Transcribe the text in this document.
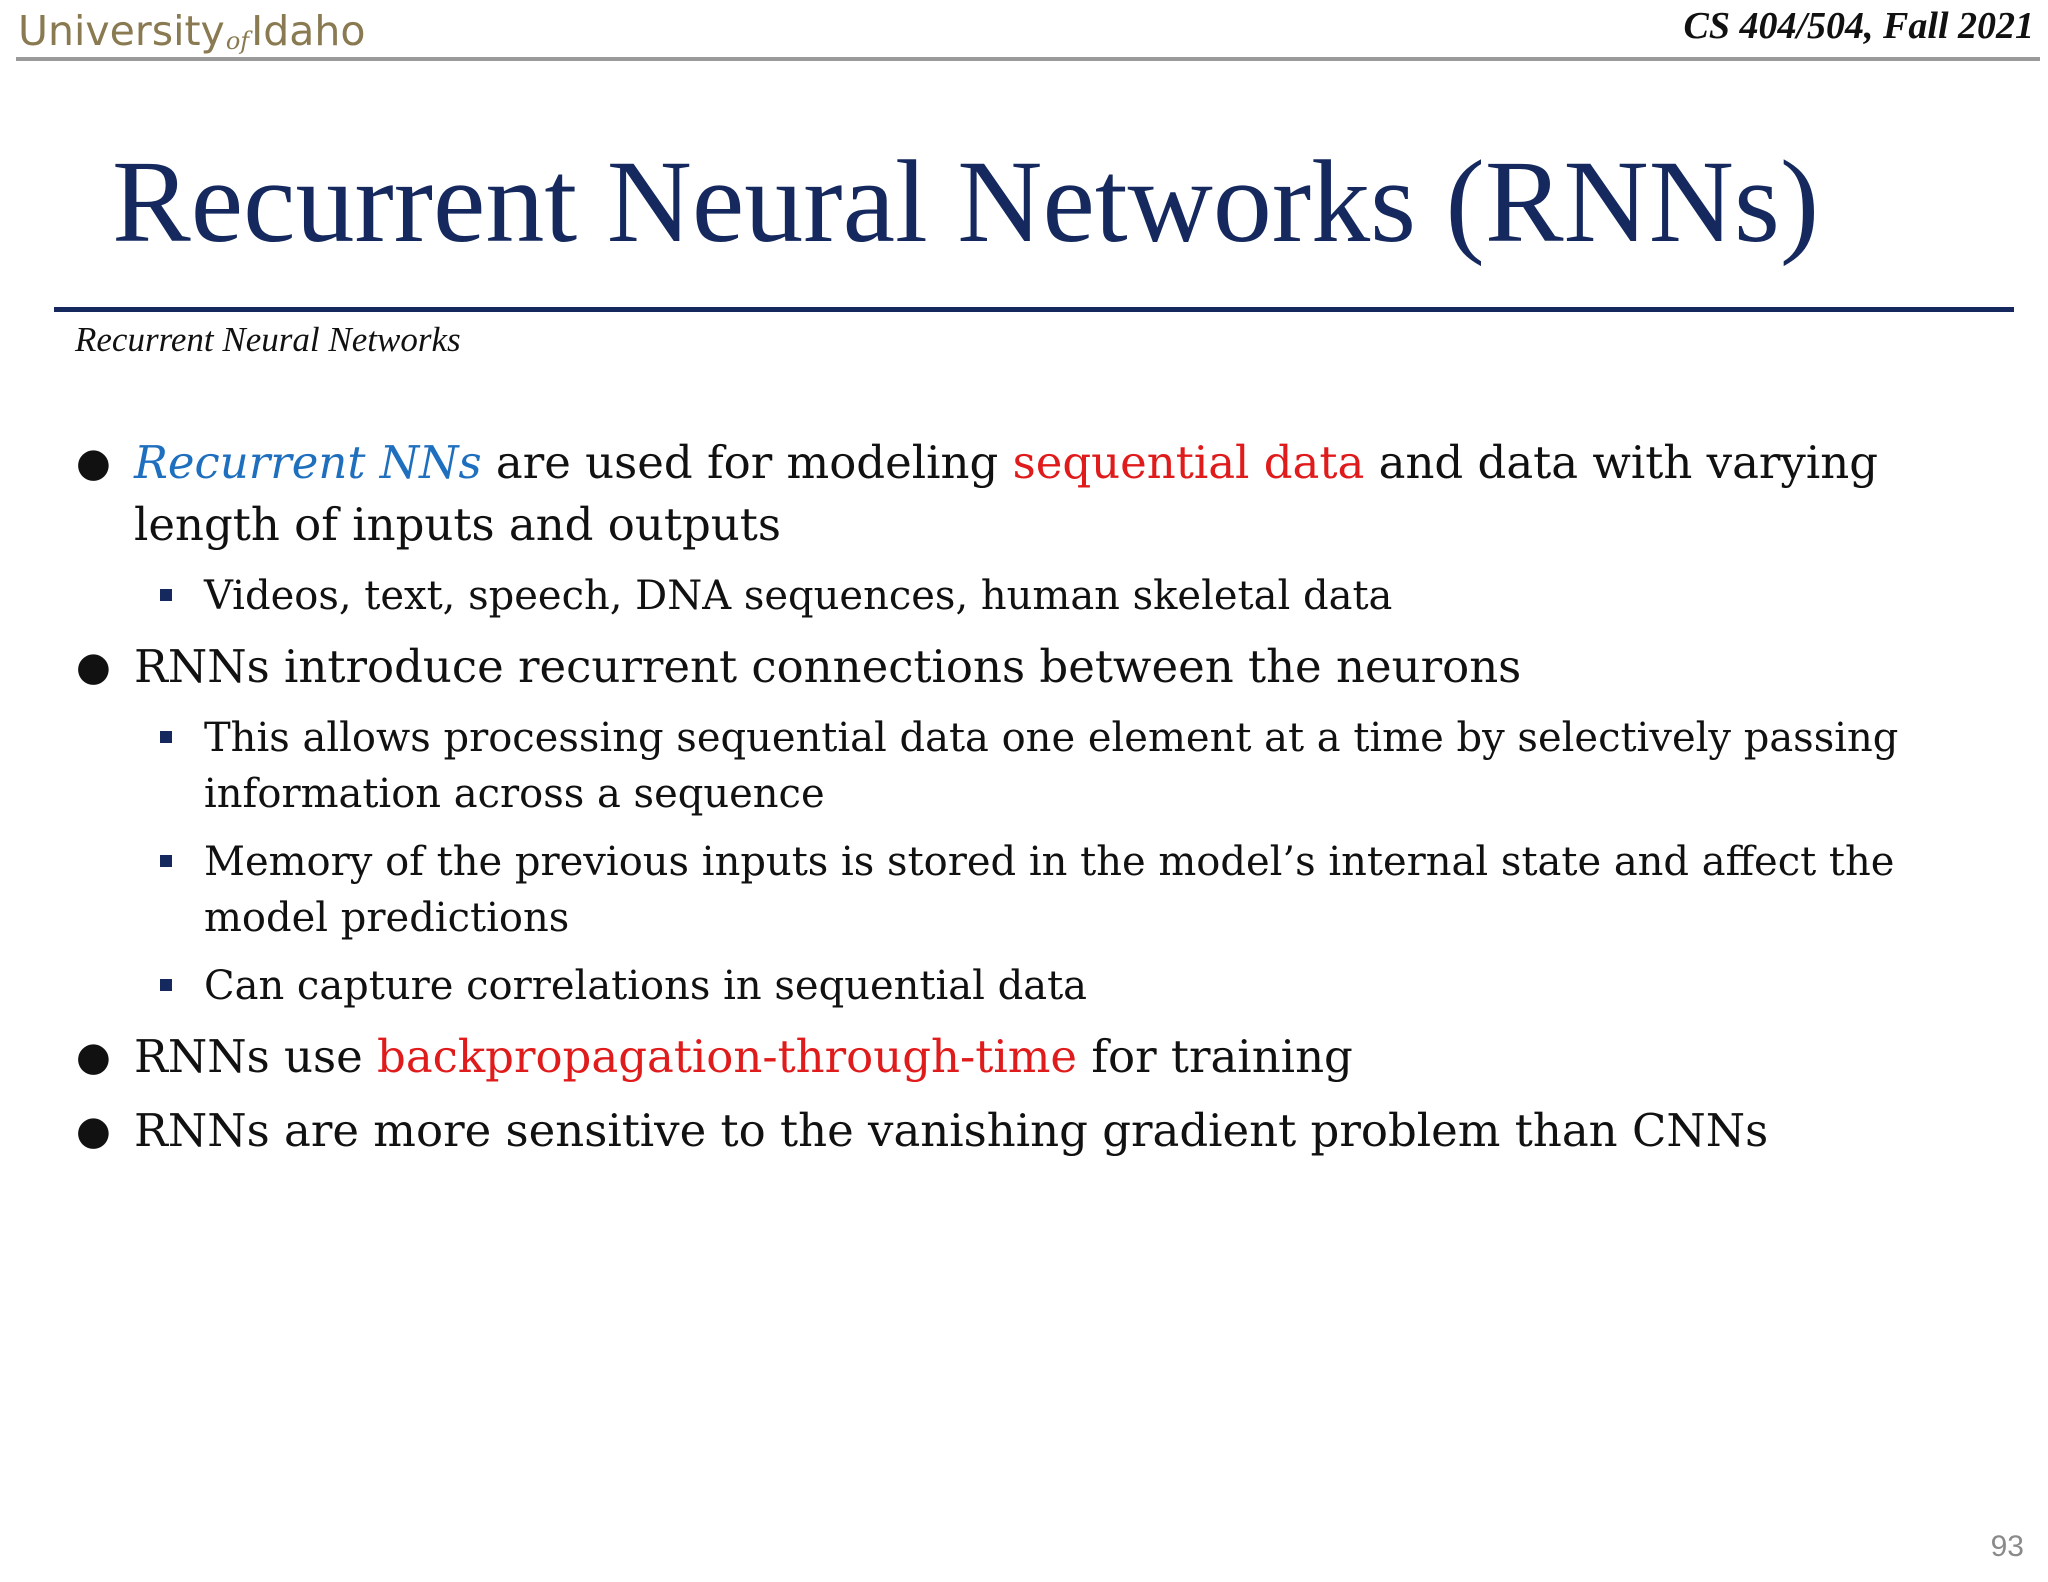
UniversityofIdaho	CS 404/504, Fall 2021
Recurrent Neural Networks (RNNs)
Recurrent Neural Networks
● Recurrent NNs are used for modeling sequential data and data with varying length of inputs and outputs
Videos, text, speech, DNA sequences, human skeletal data
● RNNs introduce recurrent connections between the neurons
This allows processing sequential data one element at a time by selectively passing information across a sequence
Memory of the previous inputs is stored in the model’s internal state and affect the model predictions
Can capture correlations in sequential data
● RNNs use backpropagation-through-time for training
● RNNs are more sensitive to the vanishing gradient problem than CNNs
93
